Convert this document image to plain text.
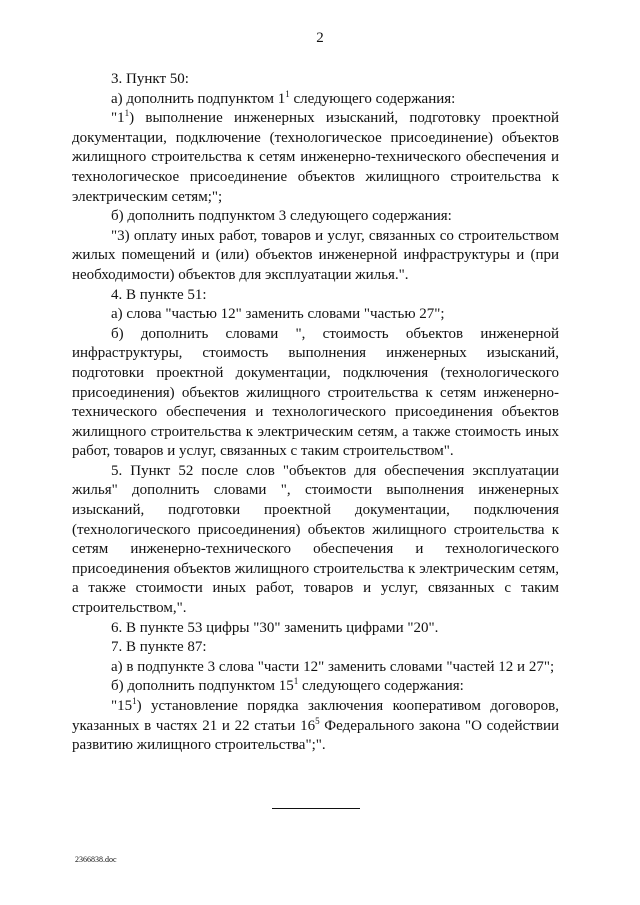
2

3. Пункт 50:

а) дополнить подпунктом $1^1$ следующего содержания:

"$1^1$) выполнение инженерных изысканий, подготовку проектной документации, подключение (технологическое присоединение) объектов жилищного строительства к сетям инженерно-технического обеспечения и технологическое присоединение объектов жилищного строительства к электрическим сетям;";

б) дополнить подпунктом 3 следующего содержания:

"3) оплату иных работ, товаров и услуг, связанных со строительством жилых помещений и (или) объектов инженерной инфраструктуры и (при необходимости) объектов для эксплуатации жилья.".

4. В пункте 51:

а) слова "частью 12" заменить словами "частью 27";

б) дополнить словами ", стоимость объектов инженерной инфраструктуры, стоимость выполнения инженерных изысканий, подготовки проектной документации, подключения (технологического присоединения) объектов жилищного строительства к сетям инженерно-технического обеспечения и технологического присоединения объектов жилищного строительства к электрическим сетям, а также стоимость иных работ, товаров и услуг, связанных с таким строительством".

5. Пункт 52 после слов "объектов для обеспечения эксплуатации жилья" дополнить словами ", стоимости выполнения инженерных изысканий, подготовки проектной документации, подключения (технологического присоединения) объектов жилищного строительства к сетям инженерно-технического обеспечения и технологического присоединения объектов жилищного строительства к электрическим сетям, а также стоимости иных работ, товаров и услуг, связанных с таким строительством,".

6. В пункте 53 цифры "30" заменить цифрами "20".

7. В пункте 87:

а) в подпункте 3 слова "части 12" заменить словами "частей 12 и 27";

б) дополнить подпунктом $15^1$ следующего содержания:

"$15^1$) установление порядка заключения кооперативом договоров, указанных в частях 21 и 22 статьи $16^5$ Федерального закона "О содействии развитию жилищного строительства";".

2366838.doc
